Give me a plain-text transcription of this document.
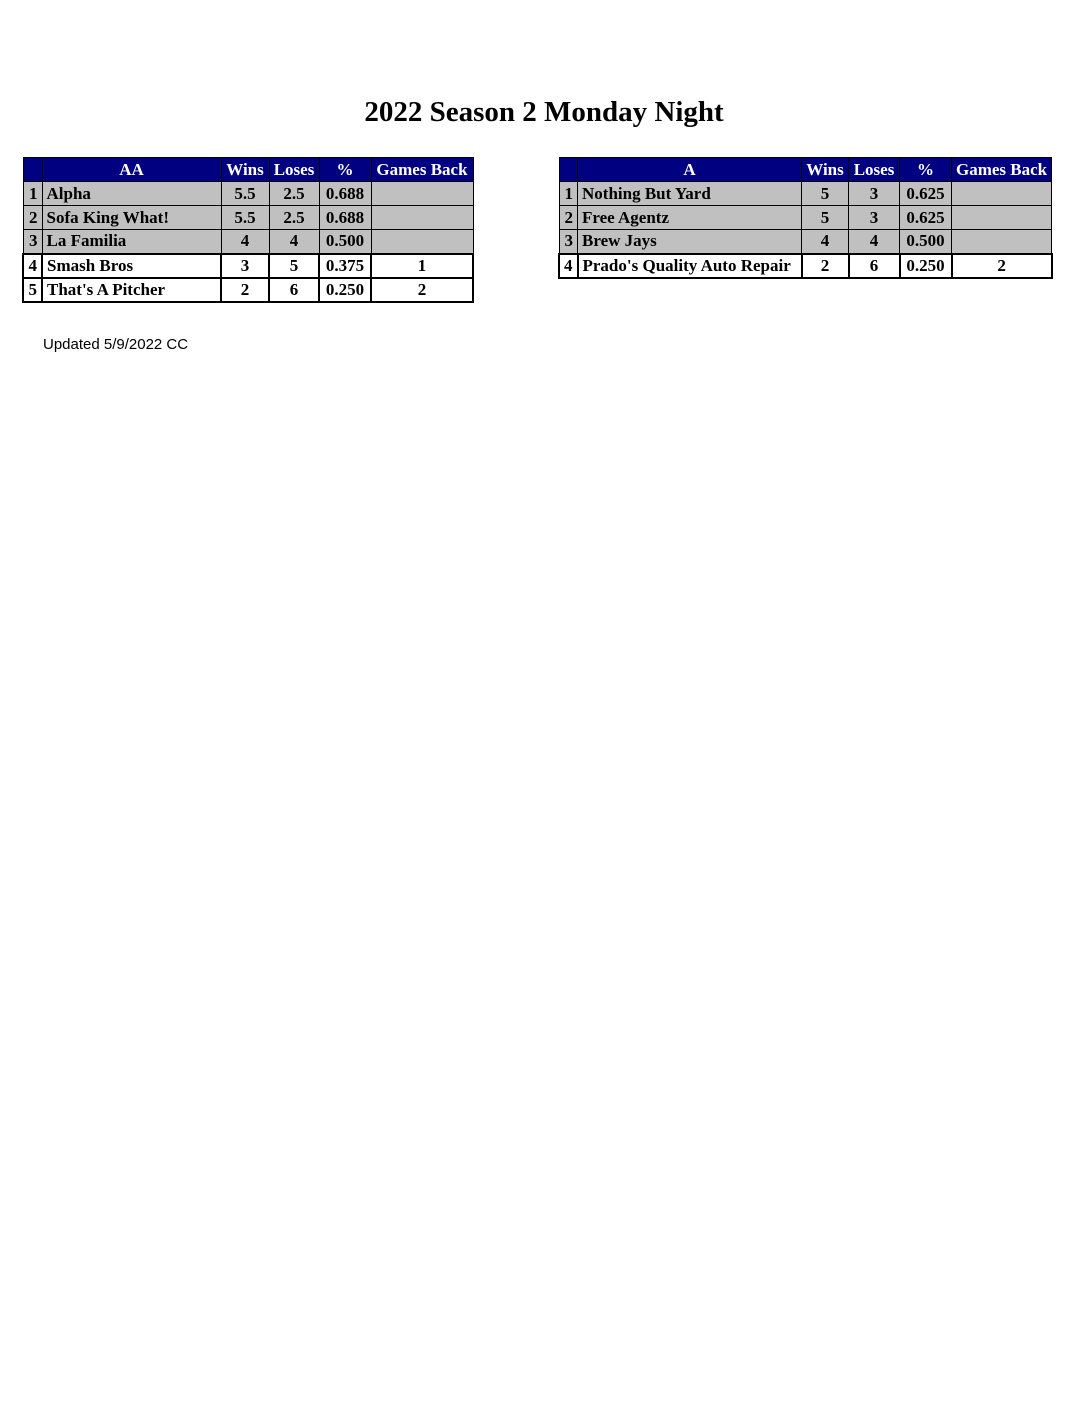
2022 Season 2 Monday Night
	AA	Wins	Loses	%	Games Back
1	Alpha	5.5	2.5	0.688	
2	Sofa King What!	5.5	2.5	0.688	
3	La Familia	4	4	0.500	
4	Smash Bros	3	5	0.375	1
5	That's A Pitcher	2	6	0.250	2
	A	Wins	Loses	%	Games Back
1	Nothing But Yard	5	3	0.625	
2	Free Agentz	5	3	0.625	
3	Brew Jays	4	4	0.500	
4	Prado's Quality Auto Repair	2	6	0.250	2
Updated 5/9/2022 CC
